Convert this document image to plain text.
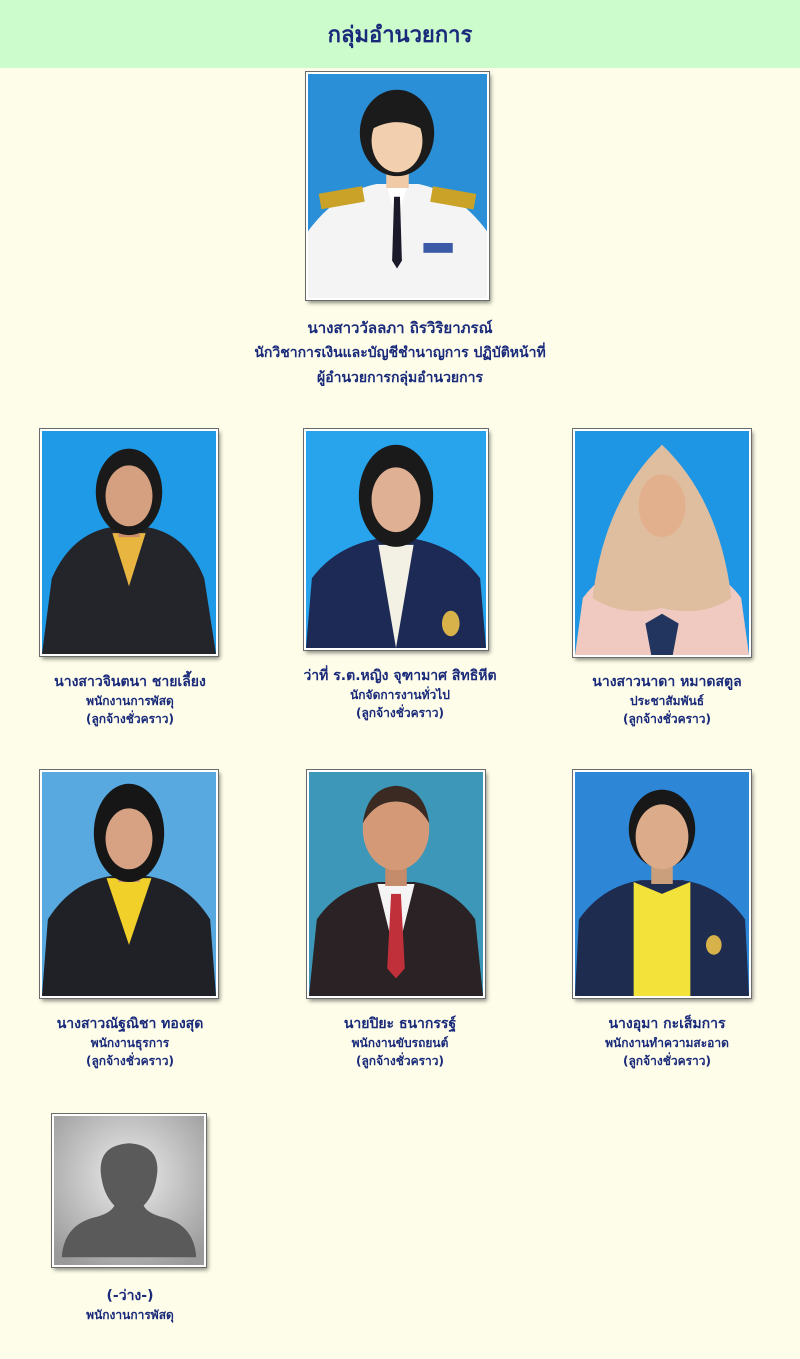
กลุ่มอำนวยการ
นางสาววัลลภา ถิรวิริยาภรณ์
นักวิชาการเงินและบัญชีชำนาญการ ปฏิบัติหน้าที่
ผู้อำนวยการกลุ่มอำนวยการ
นางสาวจินตนา ชายเลี้ยง
พนักงานการพัสดุ
(ลูกจ้างชั่วคราว)
ว่าที่ ร.ต.หญิง จุฑามาศ สิทธิหีต
นักจัดการงานทั่วไป
(ลูกจ้างชั่วคราว)
นางสาวนาดา หมาดสตูล
ประชาสัมพันธ์
(ลูกจ้างชั่วคราว)
นางสาวณัฐณิชา ทองสุด
พนักงานธุรการ
(ลูกจ้างชั่วคราว)
นายปิยะ ธนากรรฐ์
พนักงานขับรถยนต์
(ลูกจ้างชั่วคราว)
นางอุมา กะเส็มการ
พนักงานทำความสะอาด
(ลูกจ้างชั่วคราว)
(-ว่าง-)
พนักงานการพัสดุ
